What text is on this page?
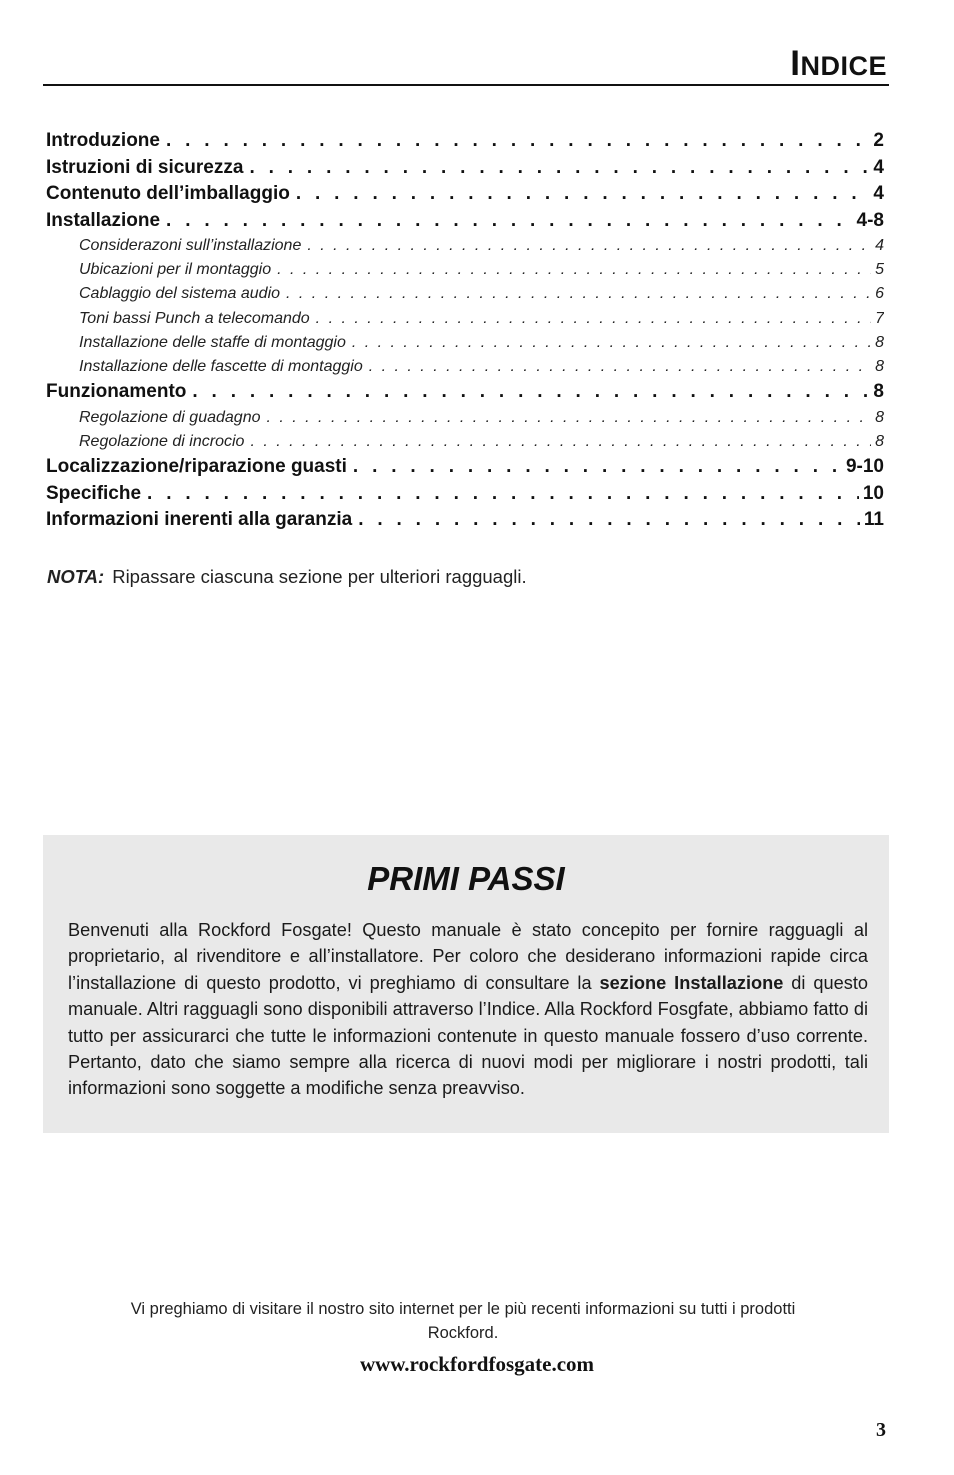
INDICE
Introduzione . . .	2
Istruzioni di sicurezza . . .	4
Contenuto dell’imballaggio . . .	4
Installazione . . .	4-8
Considerazoni sull’installazione . . .	4
Ubicazioni per il montaggio . . .	5
Cablaggio del sistema audio . . .	6
Toni bassi Punch a telecomando . . .	7
Installazione delle staffe di montaggio . . .	8
Installazione delle fascette di montaggio . . .	8
Funzionamento . . .	8
Regolazione di guadagno . . .	8
Regolazione di incrocio . . .	8
Localizzazione/riparazione guasti . . .	9-10
Specifiche . . .	10
Informazioni inerenti alla garanzia . . .	11
NOTA: Ripassare ciascuna sezione per ulteriori ragguagli.
PRIMI PASSI
Benvenuti alla Rockford Fosgate! Questo manuale è stato concepito per fornire ragguagli al proprietario, al rivenditore e all’installatore. Per coloro che desiderano informazioni rapide circa l’installazione di questo prodotto, vi preghiamo di consultare la sezione Installazione di questo manuale. Altri ragguagli sono disponibili attraverso l’Indice. Alla Rockford Fosgfate, abbiamo fatto di tutto per assicurarci che tutte le informazioni contenute in questo manuale fossero d’uso corrente. Pertanto, dato che siamo sempre alla ricerca di nuovi modi per migliorare i nostri prodotti, tali informazioni sono soggette a modifiche senza preavviso.
Vi preghiamo di visitare il nostro sito internet per le più recenti informazioni su tutti i prodotti Rockford.
www.rockfordfosgate.com
3
